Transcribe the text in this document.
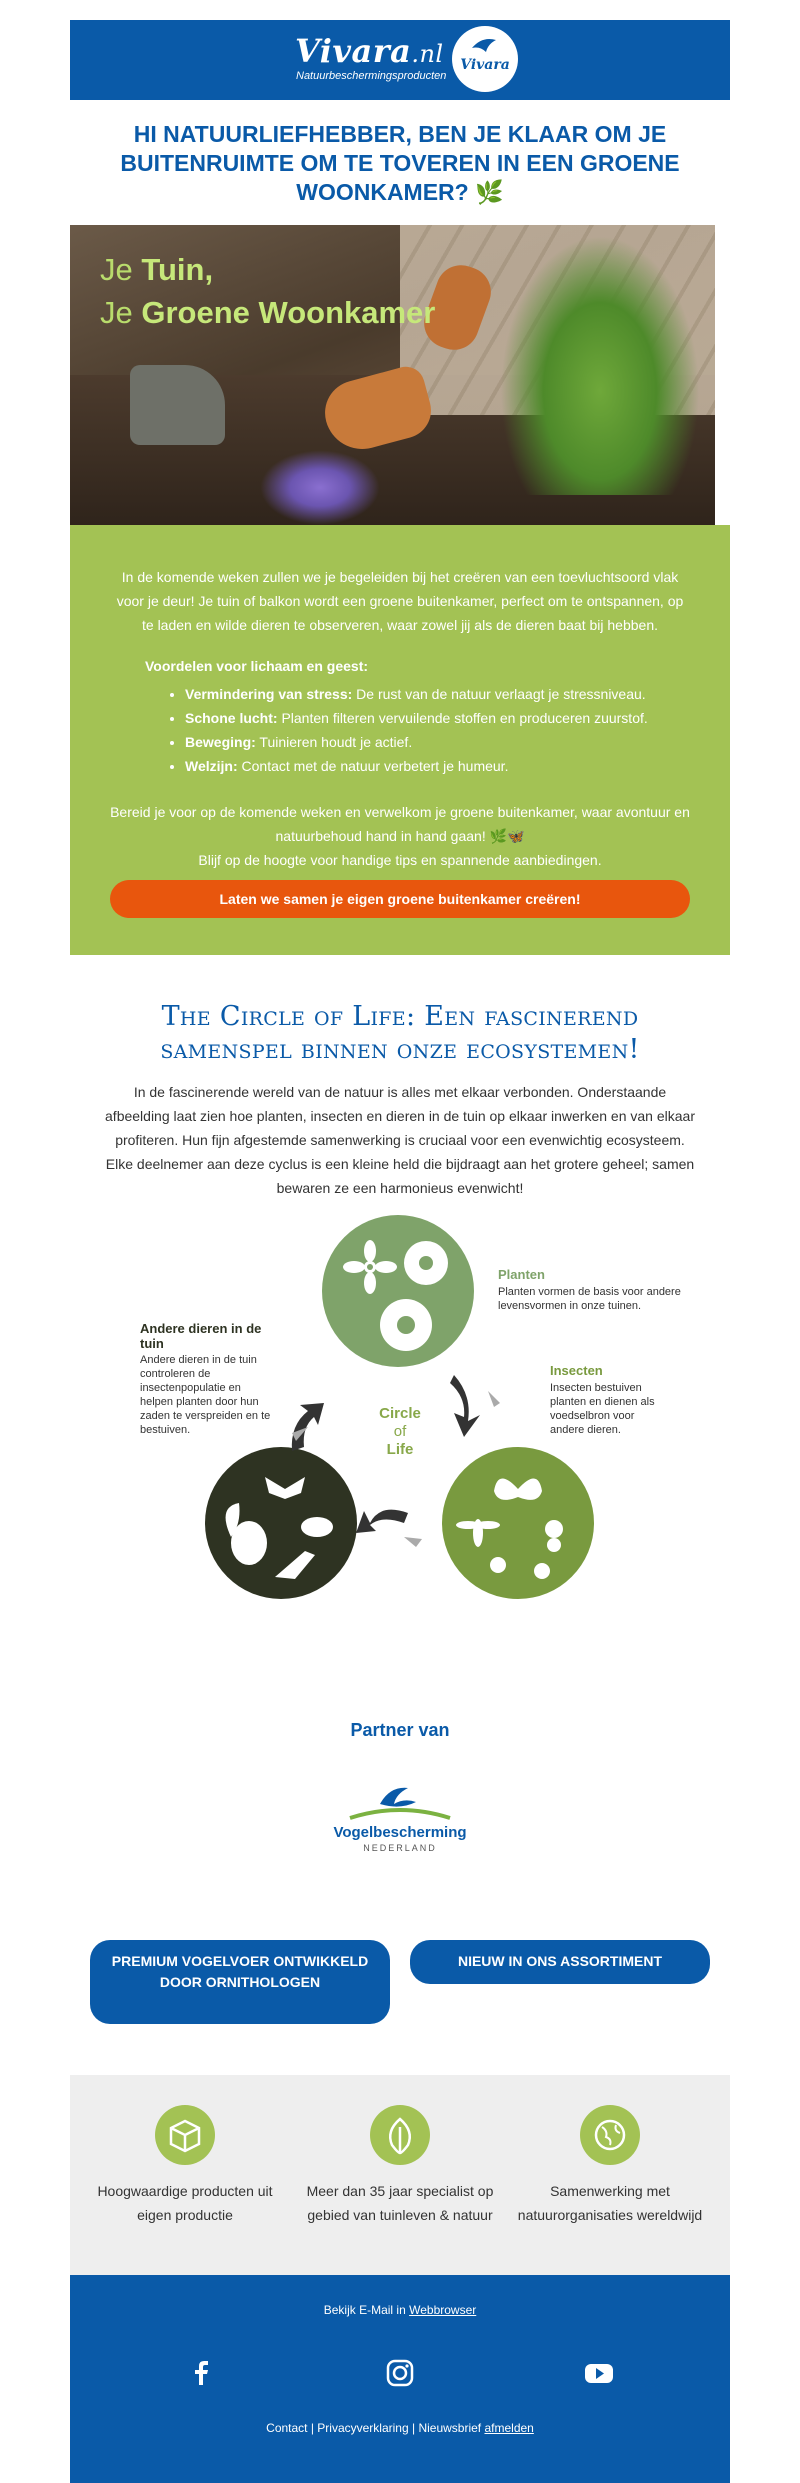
Vivara.nl
Natuurbeschermingsproducten
Vivara
HI NATUURLIEFHEBBER, BEN JE KLAAR OM JE BUITENRUIMTE OM TE TOVEREN IN EEN GROENE WOONKAMER? 🌿
Je Tuin,
Je Groene Woonkamer

In de komende weken zullen we je begeleiden bij het creëren van een toevluchtsoord vlak voor je deur! Je tuin of balkon wordt een groene buitenkamer, perfect om te ontspannen, op te laden en wilde dieren te observeren, waar zowel jij als de dieren baat bij hebben.

Voordelen voor lichaam en geest:
• Vermindering van stress: De rust van de natuur verlaagt je stressniveau.
• Schone lucht: Planten filteren vervuilende stoffen en produceren zuurstof.
• Beweging: Tuinieren houdt je actief.
• Welzijn: Contact met de natuur verbetert je humeur.
Bereid je voor op de komende weken en verwelkom je groene buitenkamer, waar avontuur en natuurbehoud hand in hand gaan! 🌿🦋
Blijf op de hoogte voor handige tips en spannende aanbiedingen.
Laten we samen je eigen groene buitenkamer creëren!
The Circle of Life: Een fascinerend samenspel binnen onze ecosystemen!

In de fascinerende wereld van de natuur is alles met elkaar verbonden. Onderstaande afbeelding laat zien hoe planten, insecten en dieren in de tuin op elkaar inwerken en van elkaar profiteren. Hun fijn afgestemde samenwerking is cruciaal voor een evenwichtig ecosysteem. Elke deelnemer aan deze cyclus is een kleine held die bijdraagt aan het grotere geheel; samen bewaren ze een harmonieus evenwicht!

Planten
Planten vormen de basis voor andere levensvormen in onze tuinen.
Insecten
Insecten bestuiven planten en dienen als voedselbron voor andere dieren.
Andere dieren in de tuin
Andere dieren in de tuin controleren de insectenpopulatie en helpen planten door hun zaden te verspreiden en te bestuiven.
Circle
of
Life
Partner van
Vogelbescherming
NEDERLAND
PREMIUM VOGELVOER ONTWIKKELD DOOR ORNITHOLOGEN
NIEUW IN ONS ASSORTIMENT
Hoogwaardige producten uit eigen productie
Meer dan 35 jaar specialist op gebied van tuinleven & natuur
Samenwerking met natuurorganisaties wereldwijd
Bekijk E-Mail in Webbrowser
Contact | Privacyverklaring | Nieuwsbrief afmelden
